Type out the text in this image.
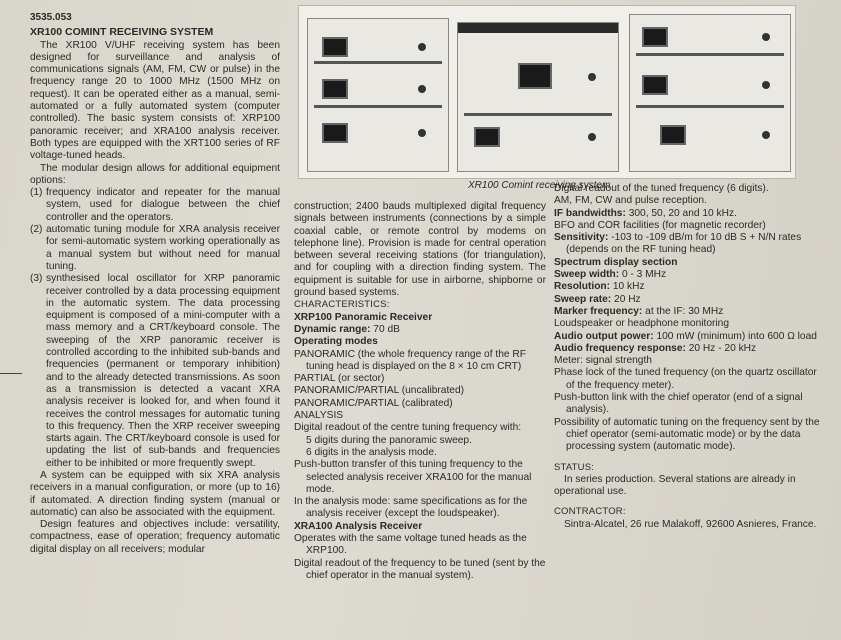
3535.053
XR100 COMINT RECEIVING SYSTEM

The XR100 V/UHF receiving system has been designed for surveillance and analysis of communications signals (AM, FM, CW or pulse) in the frequency range 20 to 1000 MHz (1500 MHz on request). It can be operated either as a manual, semi-automated or a fully automated system (computer controlled). The basic system consists of: XRP100 panoramic receiver; and XRA100 analysis receiver. Both types are equipped with the XRT100 series of RF voltage-tuned heads.

The modular design allows for additional equipment options:

(1) frequency indicator and repeater for the manual system, used for dialogue between the chief controller and the operators.
(2) automatic tuning module for XRA analysis receiver for semi-automatic system working operationally as a manual system but without need for manual tuning.
(3) synthesised local oscillator for XRP panoramic receiver controlled by a data processing equipment in the automatic system. The data processing equipment is composed of a mini-computer with a mass memory and a CRT/keyboard console. The sweeping of the XRP panoramic receiver is controlled according to the inhibited sub-bands and frequencies (permanent or temporary inhibition) and to the already detected transmissions. As soon as a transmission is detected a vacant XRA analysis receiver is looked for, and when found it receives the control messages for automatic tuning to this frequency. Then the XRP receiver sweeping starts again. The CRT/keyboard console is used for updating the list of sub-bands and frequencies either to be inhibited or more frequently swept.

A system can be equipped with six XRA analysis receivers in a manual configuration, or more (up to 16) if automated. A direction finding system (manual or automatic) can also be associated with the equipment.

Design features and objectives include: versatility, compactness, ease of operation; frequency automatic digital display on all receivers; modular

XR100 Comint receiving system

construction; 2400 bauds multiplexed digital frequency signals between instruments (connections by a simple coaxial cable, or remote control by modems on telephone line). Provision is made for central operation between several receiving stations (for triangulation), and for coupling with a direction finding system. The equipment is suitable for use in airborne, shipborne or ground based systems.

CHARACTERISTICS:
XRP100 Panoramic Receiver
Dynamic range: 70 dB
Operating modes

PANORAMIC (the whole frequency range of the RF tuning head is displayed on the 8 × 10 cm CRT)

PARTIAL (or sector)

PANORAMIC/PARTIAL (uncalibrated)

PANORAMIC/PARTIAL (calibrated)

ANALYSIS

Digital readout of the centre tuning frequency with:

5 digits during the panoramic sweep.
6 digits in the analysis mode.

Push-button transfer of this tuning frequency to the selected analysis receiver XRA100 for the manual mode.

In the analysis mode: same specifications as for the analysis receiver (except the loudspeaker).

XRA100 Analysis Receiver

Operates with the same voltage tuned heads as the XRP100.

Digital readout of the frequency to be tuned (sent by the chief operator in the manual system).

Digital readout of the tuned frequency (6 digits).

AM, FM, CW and pulse reception.
IF bandwidths: 300, 50, 20 and 10 kHz.
BFO and COR facilities (for magnetic recorder)

Sensitivity: -103 to -109 dB/m for 10 dB S + N/N rates (depends on the RF tuning head)

Spectrum display section
Sweep width: 0 - 3 MHz
Resolution: 10 kHz
Sweep rate: 20 Hz
Marker frequency: at the IF: 30 MHz
Loudspeaker or headphone monitoring

Audio output power: 100 mW (minimum) into 600 Ω load

Audio frequency response: 20 Hz - 20 kHz
Meter: signal strength

Phase lock of the tuned frequency (on the quartz oscillator of the frequency meter).

Push-button link with the chief operator (end of a signal analysis).

Possibility of automatic tuning on the frequency sent by the chief operator (semi-automatic mode) or by the data processing system (automatic mode).

STATUS:

In series production. Several stations are already in operational use.

CONTRACTOR:

Sintra-Alcatel, 26 rue Malakoff, 92600 Asnieres, France.
